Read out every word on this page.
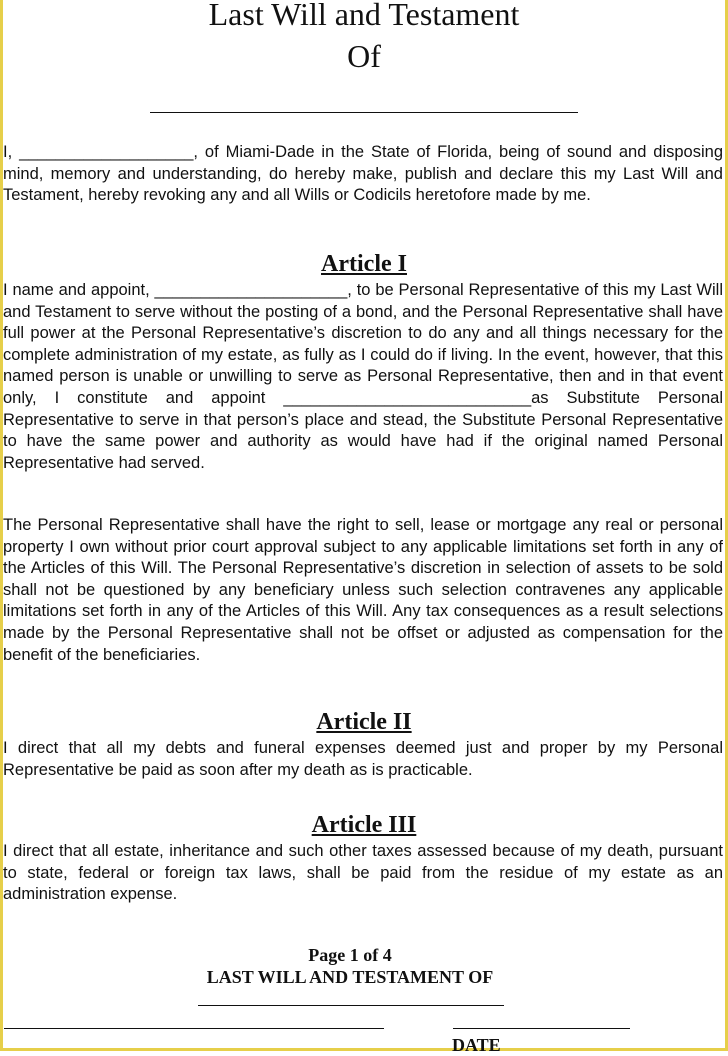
Last Will and Testament
Of

I, ___________________, of Miami-Dade in the State of Florida, being of sound and disposing mind, memory and understanding, do hereby make, publish and declare this my Last Will and Testament, hereby revoking any and all Wills or Codicils heretofore made by me.

Article I

I name and appoint, _____________________, to be Personal Representative of this my Last Will and Testament to serve without the posting of a bond, and the Personal Representative shall have full power at the Personal Representative’s discretion to do any and all things necessary for the complete administration of my estate, as fully as I could do if living. In the event, however, that this named person is unable or unwilling to serve as Personal Representative, then and in that event only, I constitute and appoint ___________________________as Substitute Personal Representative to serve in that person’s place and stead, the Substitute Personal Representative to have the same power and authority as would have had if the original named Personal Representative had served.

The Personal Representative shall have the right to sell, lease or mortgage any real or personal property I own without prior court approval subject to any applicable limitations set forth in any of the Articles of this Will. The Personal Representative’s discretion in selection of assets to be sold shall not be questioned by any beneficiary unless such selection contravenes any applicable limitations set forth in any of the Articles of this Will. Any tax consequences as a result selections made by the Personal Representative shall not be offset or adjusted as compensation for the benefit of the beneficiaries.

Article II

I direct that all my debts and funeral expenses deemed just and proper by my Personal Representative be paid as soon after my death as is practicable.

Article III

I direct that all estate, inheritance and such other taxes assessed because of my death, pursuant to state, federal or foreign tax laws, shall be paid from the residue of my estate as an administration expense.

Page 1 of 4
LAST WILL AND TESTAMENT OF
DATE
